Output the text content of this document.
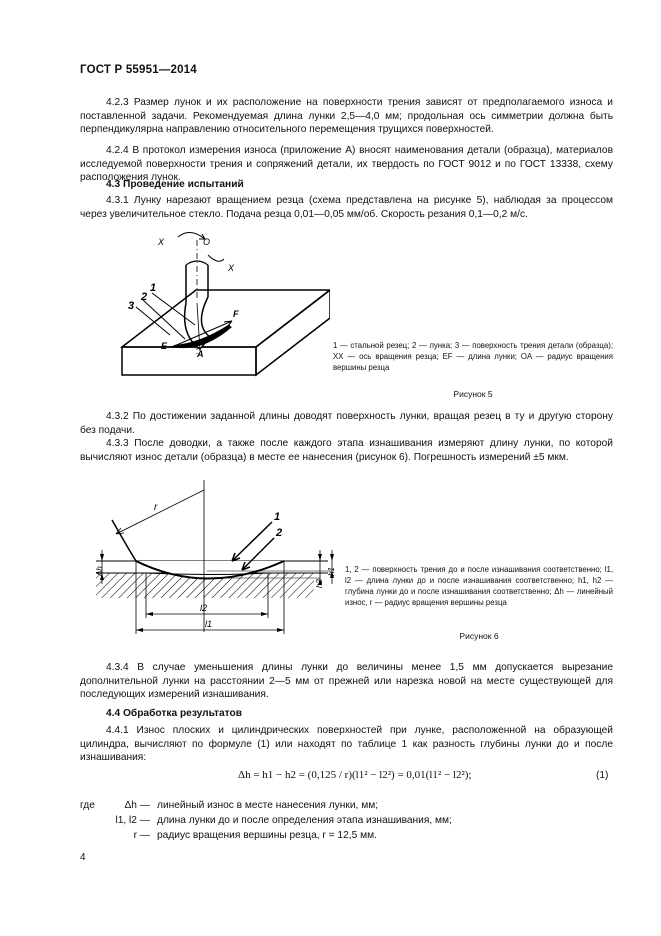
ГОСТ Р 55951—2014
4.2.3 Размер лунок и их расположение на поверхности трения зависят от предполагаемого износа и поставленной задачи. Рекомендуемая длина лунки 2,5—4,0 мм; продольная ось симметрии должна быть перпендикулярна направлению относительного перемещения трущихся поверхностей.
4.2.4 В протокол измерения износа (приложение А) вносят наименования детали (образца), материалов исследуемой поверхности трения и сопряжений детали, их твердость по ГОСТ 9012 и по ГОСТ 13338, схему расположения лунок.
4.3 Проведение испытаний
4.3.1 Лунку нарезают вращением резца (схема представлена на рисунке 5), наблюдая за процессом через увеличительное стекло. Подача резца 0,01—0,05 мм/об. Скорость резания 0,1—0,2 м/с.
X	O
X
1
2
3
E
F
A
1 — стальной резец; 2 — лунка; 3 — поверхность трения детали (образца); XX — ось вращения резца; EF — длина лунки; OA — радиус вращения вершины резца
Рисунок 5
4.3.2 По достижении заданной длины доводят поверхность лунки, вращая резец в ту и другую сторону без подачи.
4.3.3 После доводки, а также после каждого этапа изнашивания измеряют длину лунки, по которой вычисляют износ детали (образца) в месте ее нанесения (рисунок 6). Погрешность измерений ±5 мкм.
r
1
2
Δh
h2
h1
l2
l1
1, 2 — поверхность трения до и после изнашивания соответственно; l1, l2 — длина лунки до и после изнашивания соответственно; h1, h2 — глубина лунки до и после изнашивания соответственно; Δh — линейный износ, r — радиус вращения вершины резца
Рисунок 6
4.3.4 В случае уменьшения длины лунки до величины менее 1,5 мм допускается вырезание дополнительной лунки на расстоянии 2—5 мм от прежней или нарезка новой на месте существующей для последующих измерений изнашивания.
4.4 Обработка результатов
4.4.1 Износ плоских и цилиндрических поверхностей при лунке, расположенной на образующей цилиндра, вычисляют по формуле (1) или находят по таблице 1 как разность глубины лунки до и после изнашивания:
Δh = h1 − h2 = (0,125 / r)(l1² − l2²) = 0,01(l1² − l2²);	(1)
где	Δh — линейный износ в месте нанесения лунки, мм;
l1, l2 — длина лунки до и после определения этапа изнашивания, мм;
r — радиус вращения вершины резца, r = 12,5 мм.
4
